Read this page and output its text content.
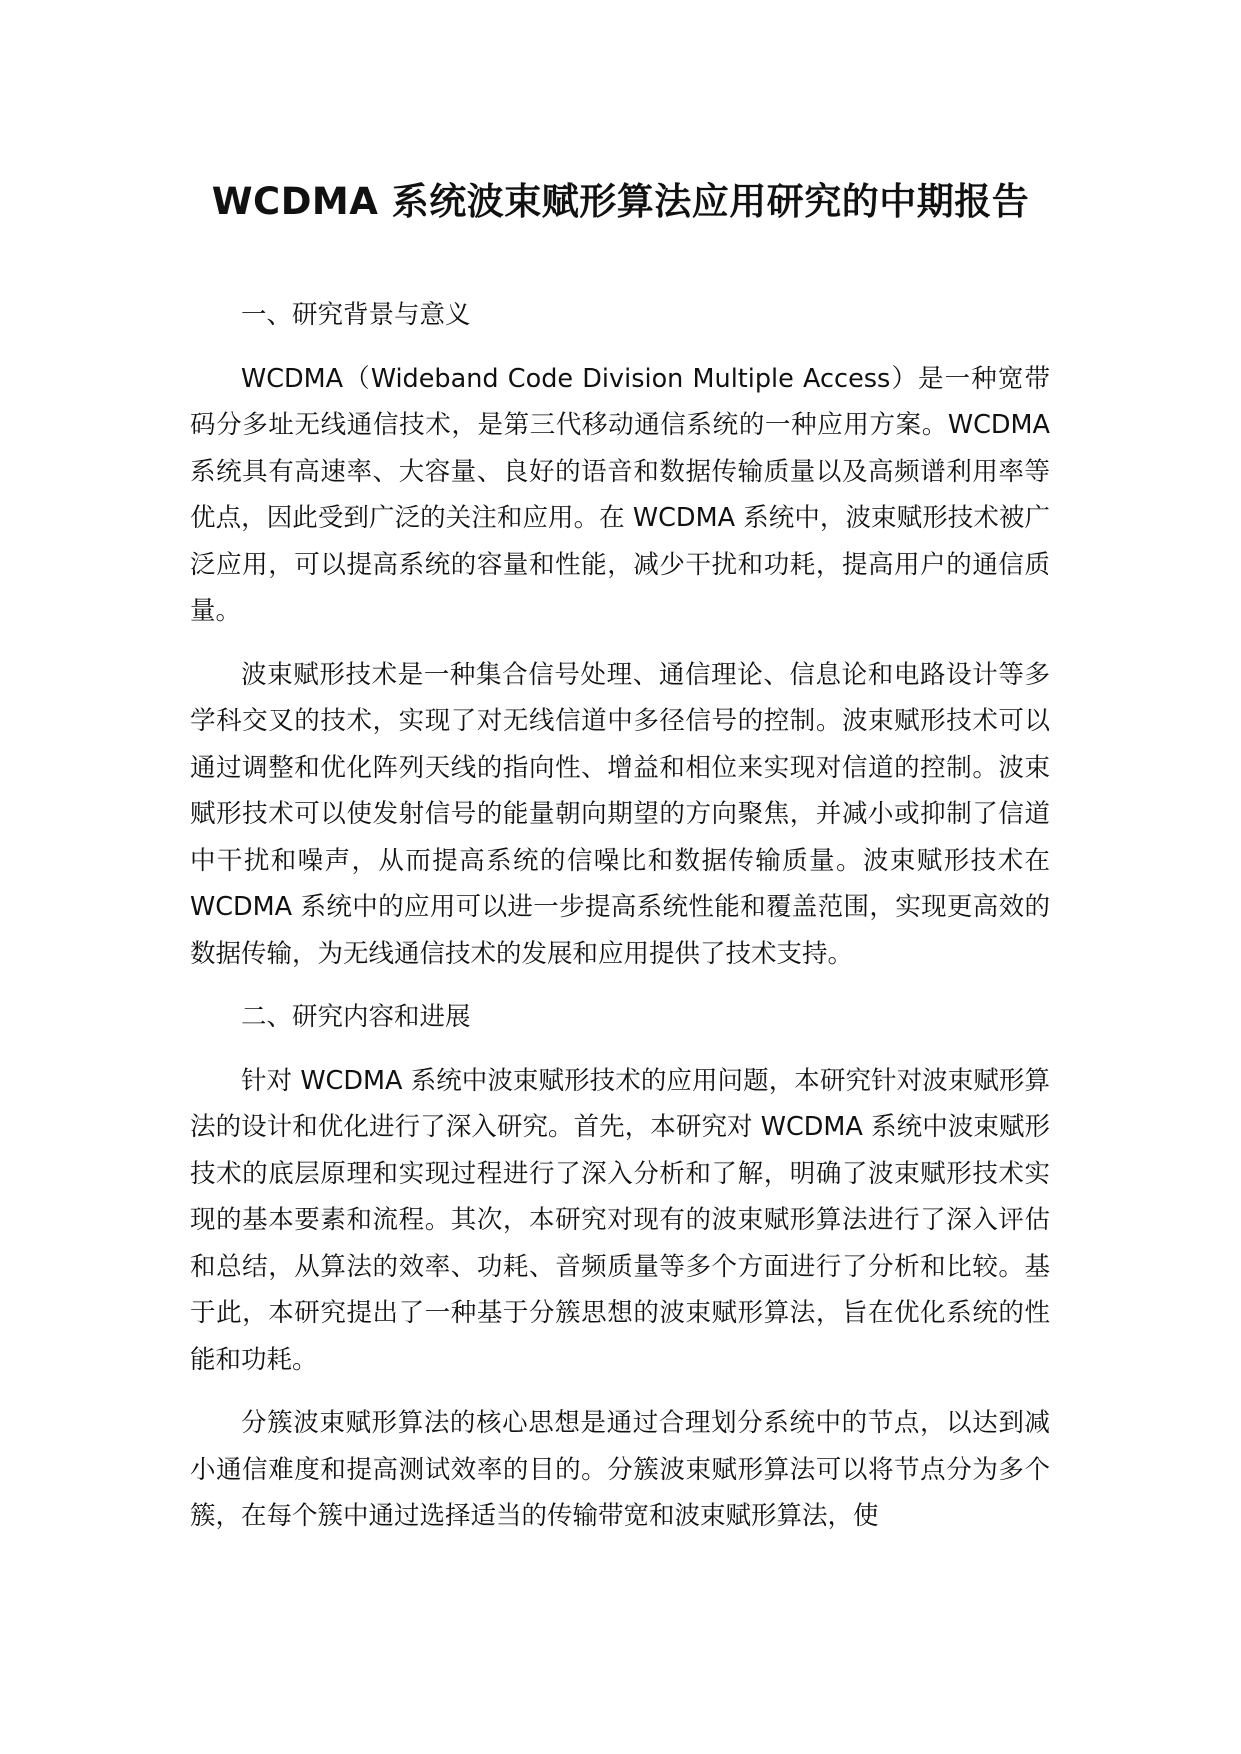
WCDMA 系统波束赋形算法应用研究的中期报告

一、研究背景与意义

WCDMA（Wideband Code Division Multiple Access）是一种宽带码分多址无线通信技术，是第三代移动通信系统的一种应用方案。WCDMA 系统具有高速率、大容量、良好的语音和数据传输质量以及高频谱利用率等优点，因此受到广泛的关注和应用。在 WCDMA 系统中，波束赋形技术被广泛应用，可以提高系统的容量和性能，减少干扰和功耗，提高用户的通信质量。

波束赋形技术是一种集合信号处理、通信理论、信息论和电路设计等多学科交叉的技术，实现了对无线信道中多径信号的控制。波束赋形技术可以通过调整和优化阵列天线的指向性、增益和相位来实现对信道的控制。波束赋形技术可以使发射信号的能量朝向期望的方向聚焦，并减小或抑制了信道中干扰和噪声，从而提高系统的信噪比和数据传输质量。波束赋形技术在 WCDMA 系统中的应用可以进一步提高系统性能和覆盖范围，实现更高效的数据传输，为无线通信技术的发展和应用提供了技术支持。

二、研究内容和进展

针对 WCDMA 系统中波束赋形技术的应用问题，本研究针对波束赋形算法的设计和优化进行了深入研究。首先，本研究对 WCDMA 系统中波束赋形技术的底层原理和实现过程进行了深入分析和了解，明确了波束赋形技术实现的基本要素和流程。其次，本研究对现有的波束赋形算法进行了深入评估和总结，从算法的效率、功耗、音频质量等多个方面进行了分析和比较。基于此，本研究提出了一种基于分簇思想的波束赋形算法，旨在优化系统的性能和功耗。

分簇波束赋形算法的核心思想是通过合理划分系统中的节点，以达到减小通信难度和提高测试效率的目的。分簇波束赋形算法可以将节点分为多个簇，在每个簇中通过选择适当的传输带宽和波束赋形算法，使
